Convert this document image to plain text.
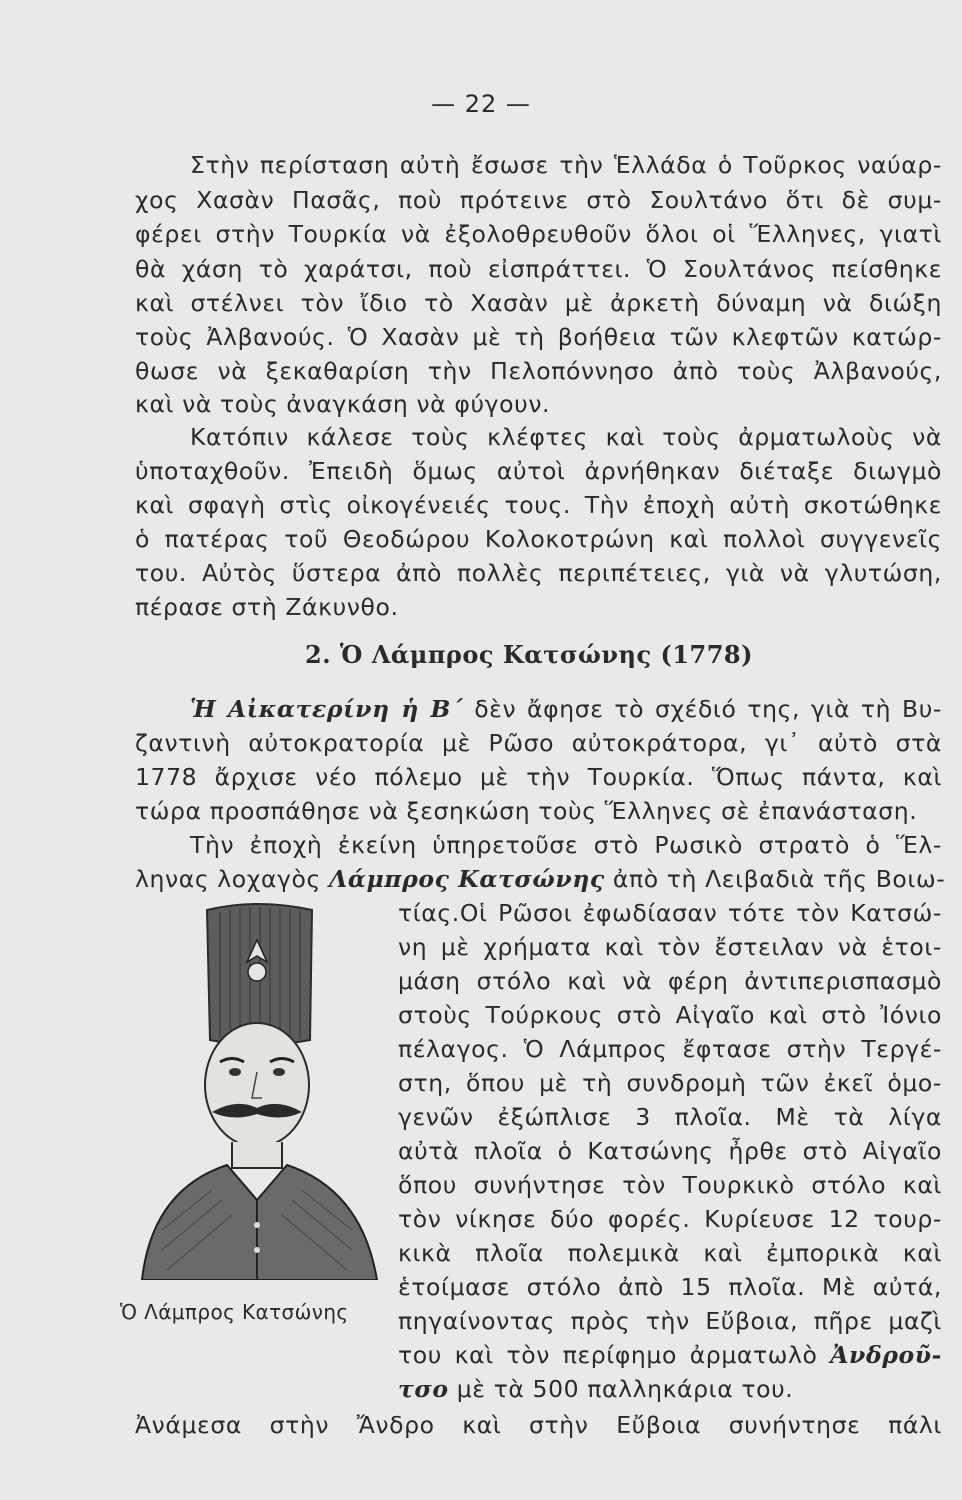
— 22 —
Στὴν περίσταση αὐτὴ ἔσωσε τὴν Ἑλλάδα ὁ Τοῦρκος ναύαρ-
χος Χασὰν Πασᾶς, ποὺ πρότεινε στὸ Σουλτάνο ὅτι δὲ συμ-
φέρει στὴν Τουρκία νὰ ἐξολοθρευθοῦν ὅλοι οἱ Ἕλληνες, γιατὶ
θὰ χάση τὸ χαράτσι, ποὺ εἰσπράττει. Ὁ Σουλτάνος πείσθηκε
καὶ στέλνει τὸν ἴδιο τὸ Χασὰν μὲ ἀρκετὴ δύναμη νὰ διώξη
τοὺς Ἀλβανούς. Ὁ Χασὰν μὲ τὴ βοήθεια τῶν κλεφτῶν κατώρ-
θωσε νὰ ξεκαθαρίση τὴν Πελοπόννησο ἀπὸ τοὺς Ἀλβανούς,
καὶ νὰ τοὺς ἀναγκάση νὰ φύγουν.
Κατόπιν κάλεσε τοὺς κλέφτες καὶ τοὺς ἀρματωλοὺς νὰ
ὑποταχθοῦν. Ἐπειδὴ ὅμως αὐτοὶ ἀρνήθηκαν διέταξε διωγμὸ
καὶ σφαγὴ στὶς οἰκογένειές τους. Τὴν ἐποχὴ αὐτὴ σκοτώθηκε
ὁ πατέρας τοῦ Θεοδώρου Κολοκοτρώνη καὶ πολλοὶ συγγενεῖς
του. Αὐτὸς ὕστερα ἀπὸ πολλὲς περιπέτειες, γιὰ νὰ γλυτώση,
πέρασε στὴ Ζάκυνθο.
2. Ὁ Λάμπρος Κατσώνης (1778)
Ἡ Αἰκατερίνη ἡ Β΄ δὲν ἄφησε τὸ σχέδιό της, γιὰ τὴ Βυ-
ζαντινὴ αὐτοκρατορία μὲ Ρῶσο αὐτοκράτορα, γι᾽ αὐτὸ στὰ
1778 ἄρχισε νέο πόλεμο μὲ τὴν Τουρκία. Ὅπως πάντα, καὶ
τώρα προσπάθησε νὰ ξεσηκώση τοὺς Ἕλληνες σὲ ἐπανάσταση.
Τὴν ἐποχὴ ἐκείνη ὑπηρετοῦσε στὸ Ρωσικὸ στρατὸ ὁ Ἕλ-
ληνας λοχαγὸς Λάμπρος Κατσώνης ἀπὸ τὴ Λειβαδιὰ τῆς Βοιω-
τίας.Οἱ Ρῶσοι ἐφωδίασαν τότε τὸν Κατσώ-
νη μὲ χρήματα καὶ τὸν ἔστειλαν νὰ ἑτοι-
μάση στόλο καὶ νὰ φέρη ἀντιπερισπασμὸ
στοὺς Τούρκους στὸ Αἰγαῖο καὶ στὸ Ἰόνιο
πέλαγος. Ὁ Λάμπρος ἔφτασε στὴν Τεργέ-
στη, ὅπου μὲ τὴ συνδρομὴ τῶν ἐκεῖ ὁμο-
γενῶν ἐξώπλισε 3 πλοῖα. Μὲ τὰ λίγα
αὐτὰ πλοῖα ὁ Κατσώνης ἦρθε στὸ Αἰγαῖο
ὅπου συνήντησε τὸν Τουρκικὸ στόλο καὶ
τὸν νίκησε δύο φορές. Κυρίευσε 12 τουρ-
κικὰ πλοῖα πολεμικὰ καὶ ἐμπορικὰ καὶ
ἑτοίμασε στόλο ἀπὸ 15 πλοῖα. Μὲ αὐτά,
πηγαίνοντας πρὸς τὴν Εὔβοια, πῆρε μαζὶ
του καὶ τὸν περίφημο ἀρματωλὸ Ἀνδροῦ-
τσο μὲ τὰ 500 παλληκάρια του.
Ἀνάμεσα στὴν Ἄνδρο καὶ στὴν Εὔβοια συνήντησε πάλι
Ὁ Λάμπρος Κατσώνης
